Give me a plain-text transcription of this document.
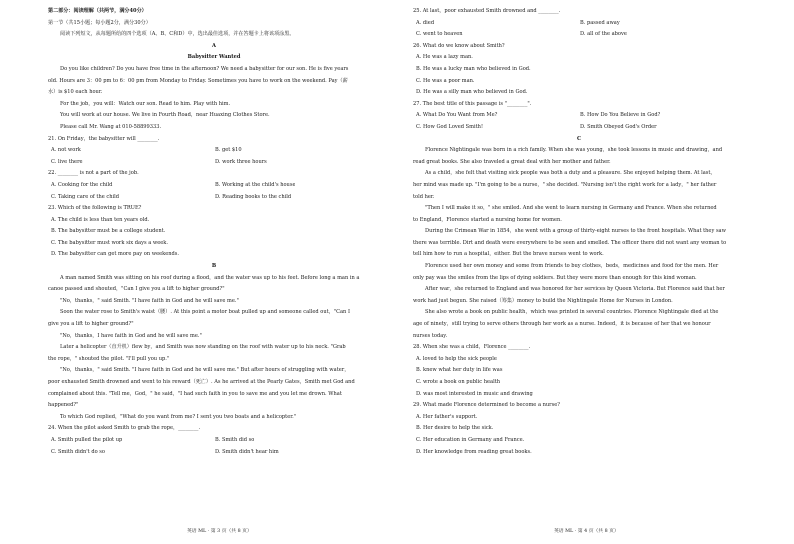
第二部分：阅读理解（共两节，满分40分）
第一节（共15小题；每小题2分，满分30分）
阅读下列短文，从每题所给的四个选项（A、B、C和D）中，选出最佳选项，并在答题卡上将该项涂黑。
A
Babysitter Wanted
Do you like children? Do you have free time in the afternoon? We need a babysitter for our son. He is five years
old. Hours are 3：00 pm to 6：00 pm from Monday to Friday. Sometimes you have to work on the weekend. Pay（薪
水）is $10 each hour.
For the job，you will：Watch our son. Read to him. Play with him.
You will work at our house. We live in Fourth Road，near Huaxing Clothes Store.
Please call Mr. Wang at 010-58899333.
21. On Friday，the babysitter will ________.
A. not work	B. get $10
C. live there	D. work three hours
22. ________ is not a part of the job.
A. Cooking for the child	B. Working at the child's house
C. Taking care of the child	D. Reading books to the child
23. Which of the following is TRUE?
A. The child is less than ten years old.
B. The babysitter must be a college student.
C. The babysitter must work six days a week.
D. The babysitter can get more pay on weekends.
B
A man named Smith was sitting on his roof during a flood，and the water was up to his feet. Before long a man in a
canoe passed and shouted，"Can I give you a lift to higher ground?"
"No，thanks，" said Smith. "I have faith in God and he will save me."
Soon the water rose to Smith's waist（腰）. At this point a motor boat pulled up and someone called out，"Can I
give you a lift to higher ground?"
"No，thanks，I have faith in God and he will save me."
Later a helicopter（直升机）flew by，and Smith was now standing on the roof with water up to his neck. "Grab
the rope，" shouted the pilot. "I'll pull you up."
"No，thanks，" said Smith. "I have faith in God and he will save me." But after hours of struggling with water，
poor exhausted Smith drowned and went to his reward（死亡）. As he arrived at the Pearly Gates，Smith met God and
complained about this. "Tell me，God，" he said，"I had such faith in you to save me and you let me drown. What
happened?"
To which God replied，"What do you want from me? I sent you two boats and a helicopter."
24. When the pilot asked Smith to grab the rope，________.
A. Smith pulled the pilot up	B. Smith did so
C. Smith didn't do so	D. Smith didn't hear him
英语 ML · 第 3 页（共 8 页）
25. At last，poor exhausted Smith drowned and ________.
A. died	B. passed away
C. went to heaven	D. all of the above
26. What do we know about Smith?
A. He was a lazy man.
B. He was a lucky man who believed in God.
C. He was a poor man.
D. He was a silly man who believed in God.
27. The best title of this passage is "________".
A. What Do You Want from Me?	B. How Do You Believe in God?
C. How God Loved Smith!	D. Smith Obeyed God's Order
C
Florence Nightingale was born in a rich family. When she was young，she took lessons in music and drawing，and
read great books. She also traveled a great deal with her mother and father.
As a child，she felt that visiting sick people was both a duty and a pleasure. She enjoyed helping them. At last，
her mind was made up. "I'm going to be a nurse，" she decided. "Nursing isn't the right work for a lady，" her father
told her.
"Then I will make it so，" she smiled. And she went to learn nursing in Germany and France. When she returned
to England，Florence started a nursing home for women.
During the Crimean War in 1854，she went with a group of thirty-eight nurses to the front hospitals. What they saw
there was terrible. Dirt and death were everywhere to be seen and smelled. The officer there did not want any woman to
tell him how to run a hospital，either. But the brave nurses went to work.
Florence used her own money and some from friends to buy clothes，beds，medicines and food for the men. Her
only pay was the smiles from the lips of dying soldiers. But they were more than enough for this kind woman.
After war，she returned to England and was honored for her services by Queen Victoria. But Florence said that her
work had just begun. She raised（筹集）money to build the Nightingale Home for Nurses in London.
She also wrote a book on public health，which was printed in several countries. Florence Nightingale died at the
age of ninety，still trying to serve others through her work as a nurse. Indeed，it is because of her that we honour
nurses today.
28. When she was a child，Florence ________.
A. loved to help the sick people
B. knew what her duty in life was
C. wrote a book on public health
D. was most interested in music and drawing
29. What made Florence determined to become a nurse?
A. Her father's support.
B. Her desire to help the sick.
C. Her education in Germany and France.
D. Her knowledge from reading great books.
英语 ML · 第 4 页（共 8 页）
